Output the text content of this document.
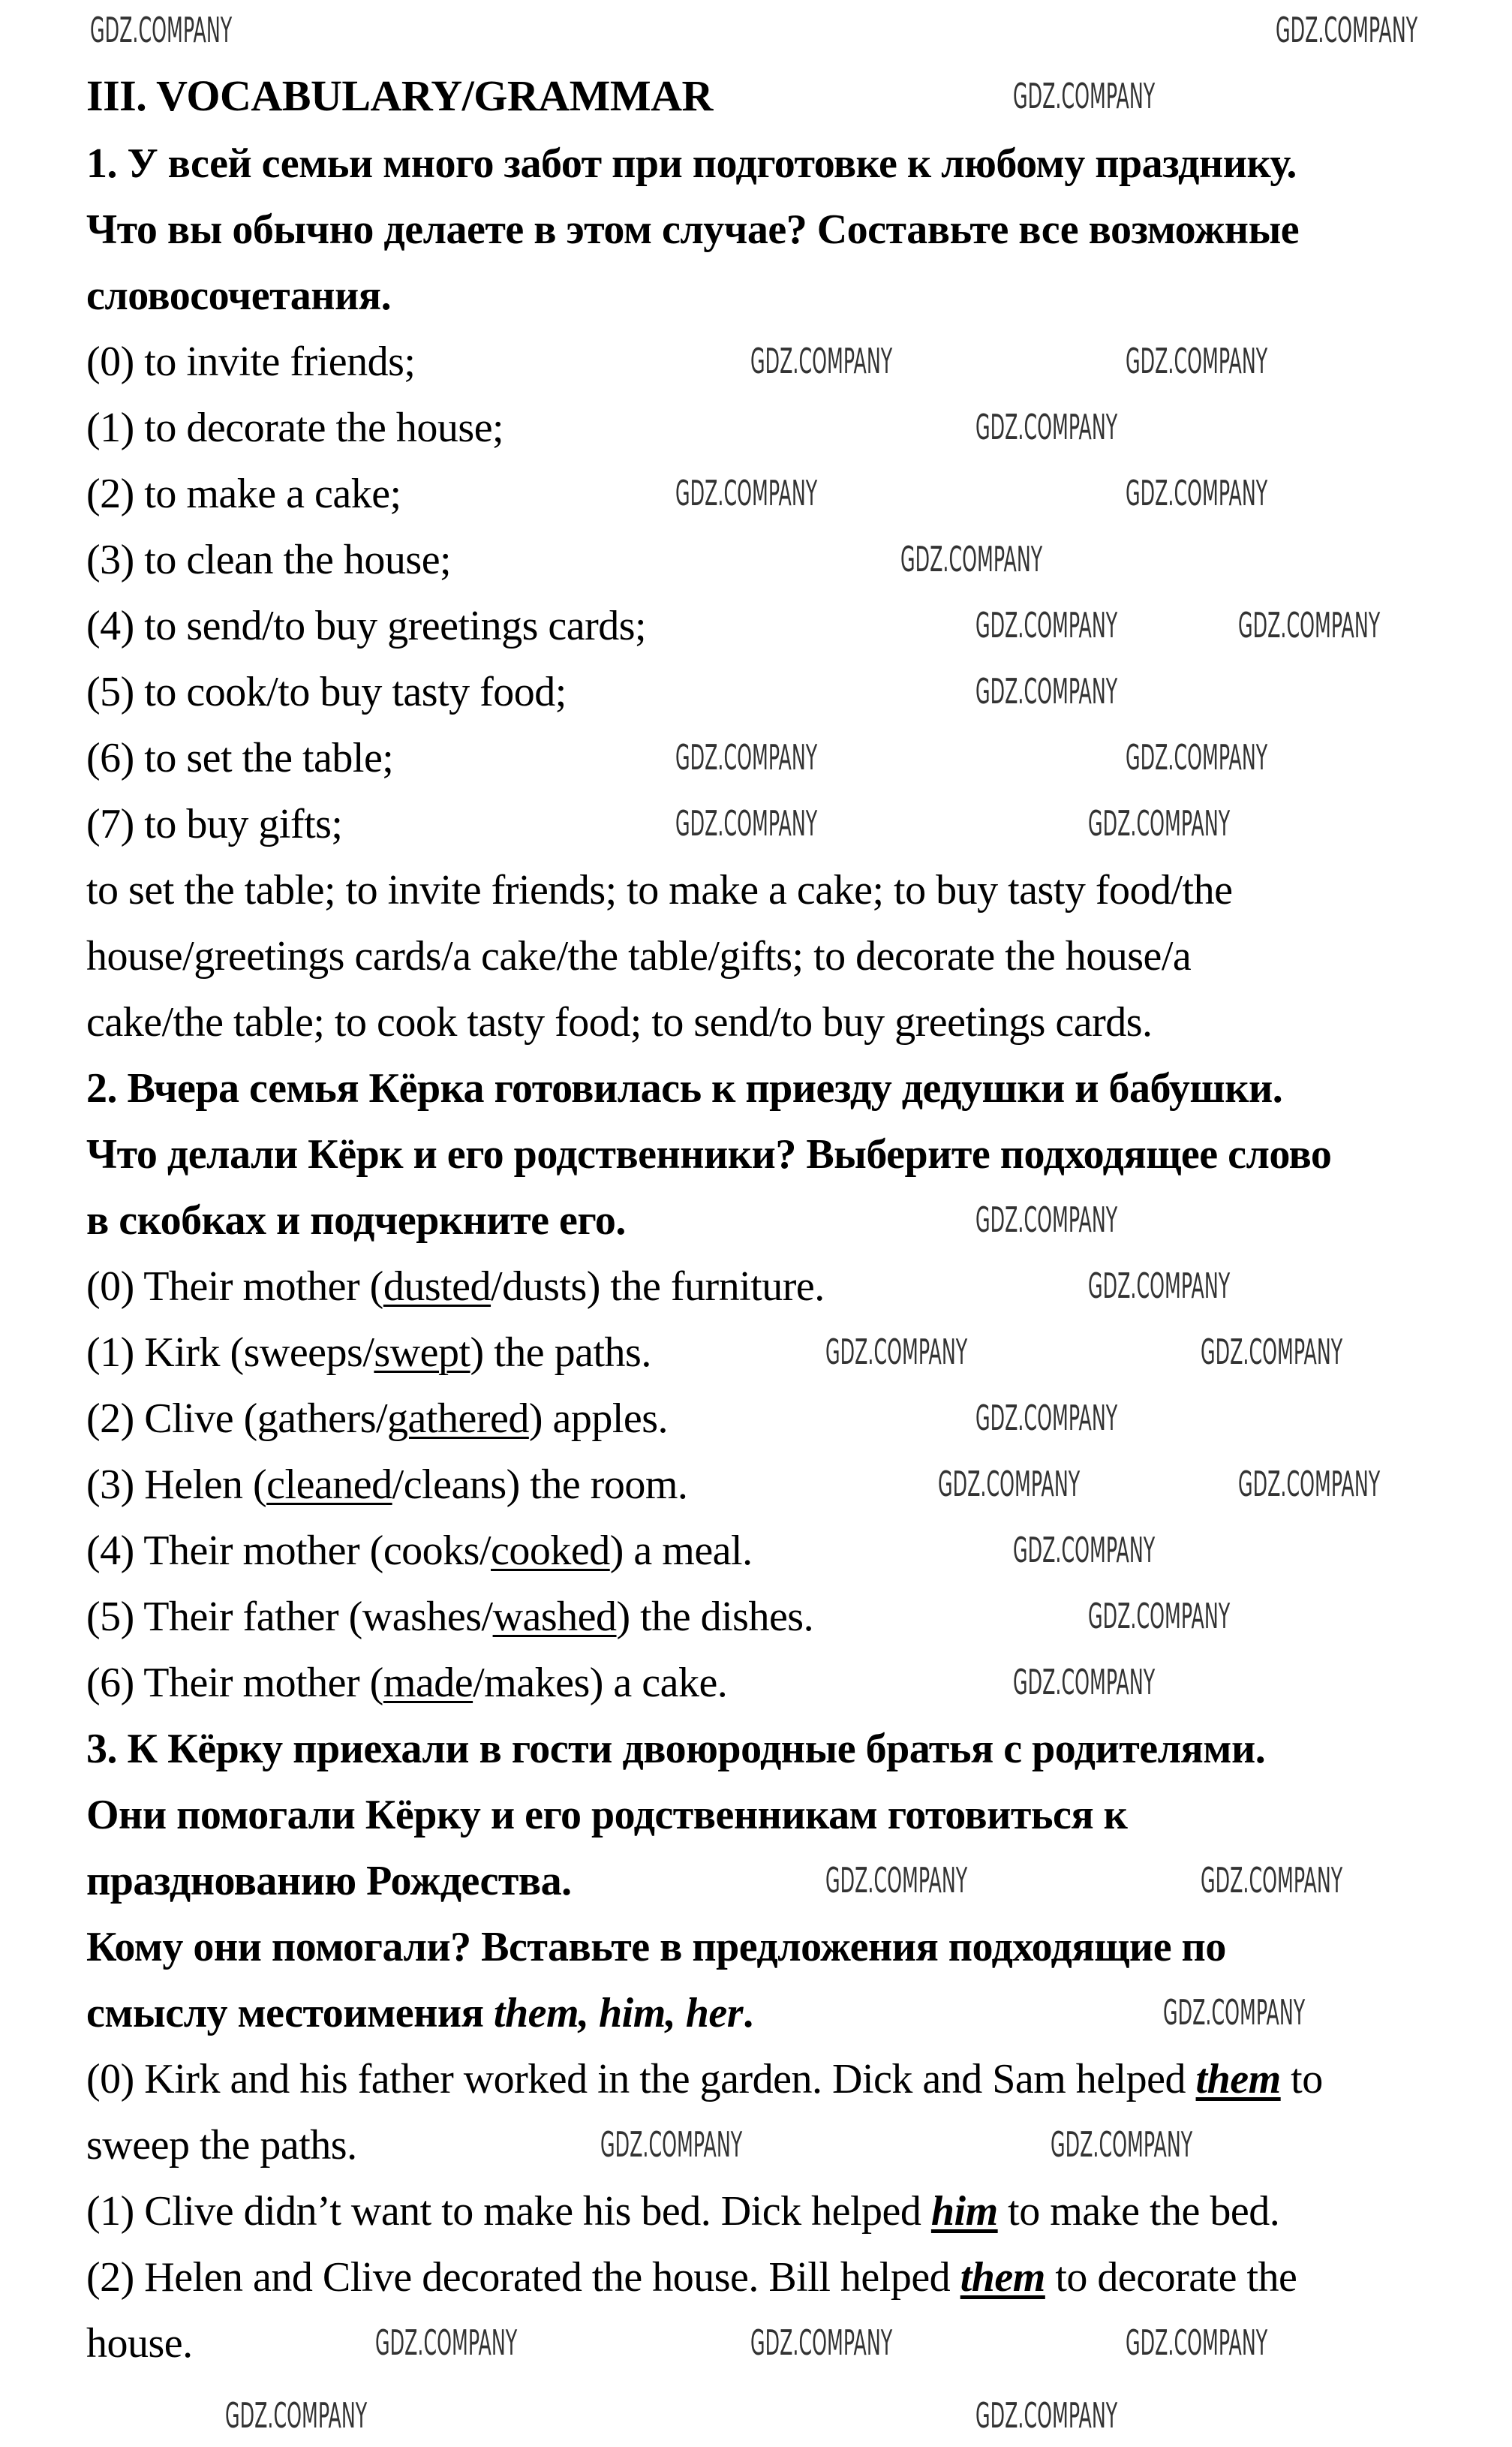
III. VOCABULARY/GRAMMAR
1. У всей семьи много забот при подготовке к любому празднику.
Что вы обычно делаете в этом случае? Составьте все возможные
словосочетания.
(0) to invite friends;
(1) to decorate the house;
(2) to make a cake;
(3) to clean the house;
(4) to send/to buy greetings cards;
(5) to cook/to buy tasty food;
(6) to set the table;
(7) to buy gifts;
to set the table; to invite friends; to make a cake; to buy tasty food/the
house/greetings cards/a cake/the table/gifts; to decorate the house/a
cake/the table; to cook tasty food; to send/to buy greetings cards.
2. Вчера семья Кёрка готовилась к приезду дедушки и бабушки.
Что делали Кёрк и его родственники? Выберите подходящее слово
в скобках и подчеркните его.
(0) Their mother (dusted/dusts) the furniture.
(1) Kirk (sweeps/swept) the paths.
(2) Clive (gathers/gathered) apples.
(3) Helen (cleaned/cleans) the room.
(4) Their mother (cooks/cooked) a meal.
(5) Their father (washes/washed) the dishes.
(6) Their mother (made/makes) a cake.
3. К Кёрку приехали в гости двоюродные братья с родителями.
Они помогали Кёрку и его родственникам готовиться к
празднованию Рождества.
Кому они помогали? Вставьте в предложения подходящие по
смыслу местоимения them, him, her.
(0) Kirk and his father worked in the garden. Dick and Sam helped them to
sweep the paths.
(1) Clive didn’t want to make his bed. Dick helped him to make the bed.
(2) Helen and Clive decorated the house. Bill helped them to decorate the
house.
GDZ.COMPANY	GDZ.COMPANY
GDZ.COMPANY
GDZ.COMPANY	GDZ.COMPANY
GDZ.COMPANY
GDZ.COMPANY	GDZ.COMPANY
GDZ.COMPANY
GDZ.COMPANY	GDZ.COMPANY
GDZ.COMPANY
GDZ.COMPANY	GDZ.COMPANY
GDZ.COMPANY	GDZ.COMPANY
GDZ.COMPANY
GDZ.COMPANY
GDZ.COMPANY	GDZ.COMPANY
GDZ.COMPANY
GDZ.COMPANY	GDZ.COMPANY
GDZ.COMPANY
GDZ.COMPANY
GDZ.COMPANY
GDZ.COMPANY	GDZ.COMPANY
GDZ.COMPANY
GDZ.COMPANY	GDZ.COMPANY
GDZ.COMPANY	GDZ.COMPANY	GDZ.COMPANY
GDZ.COMPANY	GDZ.COMPANY
